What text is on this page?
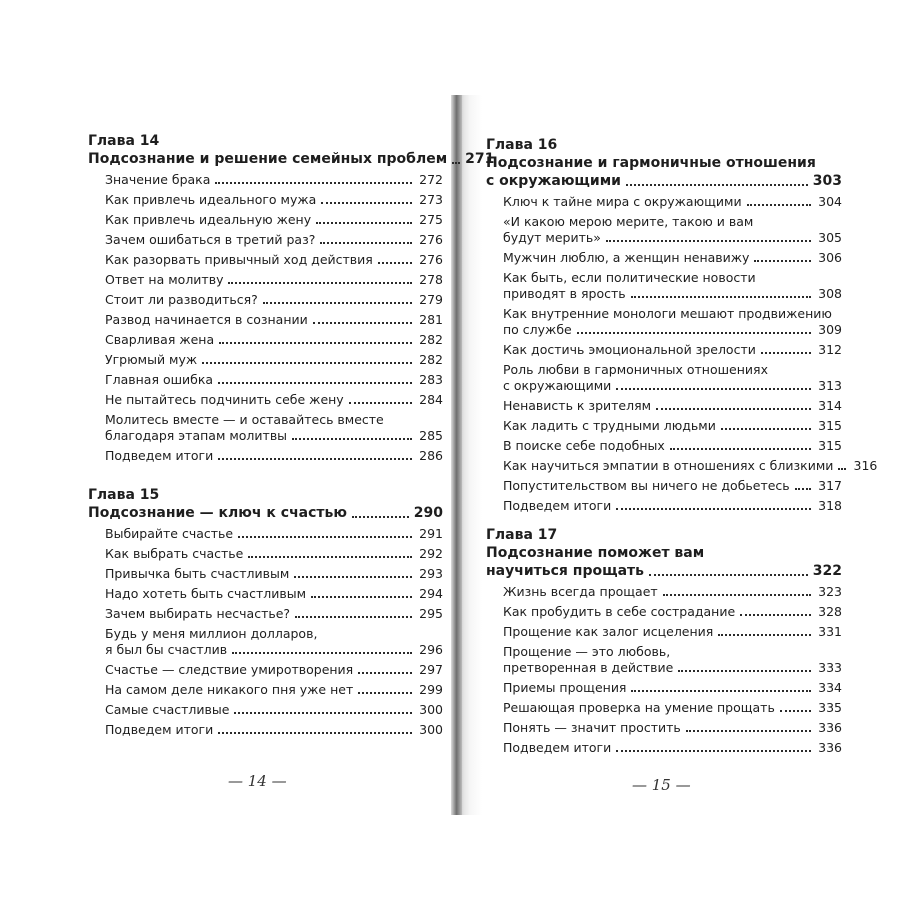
Глава 14
Подсознание и решение семейных проблем 271
Значение брака	272
Как привлечь идеального мужа	273
Как привлечь идеальную жену	275
Зачем ошибаться в третий раз?	276
Как разорвать привычный ход действия	276
Ответ на молитву	278
Стоит ли разводиться?	279
Развод начинается в сознании	281
Сварливая жена	282
Угрюмый муж	282
Главная ошибка	283
Не пытайтесь подчинить себе жену	284
Молитесь вместе — и оставайтесь вместе
благодаря этапам молитвы	285
Подведем итоги	286
Глава 15
Подсознание — ключ к счастью	290
Выбирайте счастье	291
Как выбрать счастье	292
Привычка быть счастливым	293
Надо хотеть быть счастливым	294
Зачем выбирать несчастье?	295
Будь у меня миллион долларов,
я был бы счастлив	296
Счастье — следствие умиротворения	297
На самом деле никакого пня уже нет	299
Самые счастливые	300
Подведем итоги	300
— 14 —
Глава 16
Подсознание и гармоничные отношения
с окружающими	303
Ключ к тайне мира с окружающими	304
«И какою мерою мерите, такою и вам
будут мерить»	305
Мужчин люблю, а женщин ненавижу	306
Как быть, если политические новости
приводят в ярость	308
Как внутренние монологи мешают продвижению
по службе	309
Как достичь эмоциональной зрелости	312
Роль любви в гармоничных отношениях
с окружающими	313
Ненависть к зрителям	314
Как ладить с трудными людьми	315
В поиске себе подобных	315
Как научиться эмпатии в отношениях с близкими 316
Попустительством вы ничего не добьетесь 317
Подведем итоги	318
Глава 17
Подсознание поможет вам
научиться прощать	322
Жизнь всегда прощает	323
Как пробудить в себе сострадание	328
Прощение как залог исцеления	331
Прощение — это любовь,
претворенная в действие	333
Приемы прощения	334
Решающая проверка на умение прощать	335
Понять — значит простить	336
Подведем итоги	336
— 15 —
